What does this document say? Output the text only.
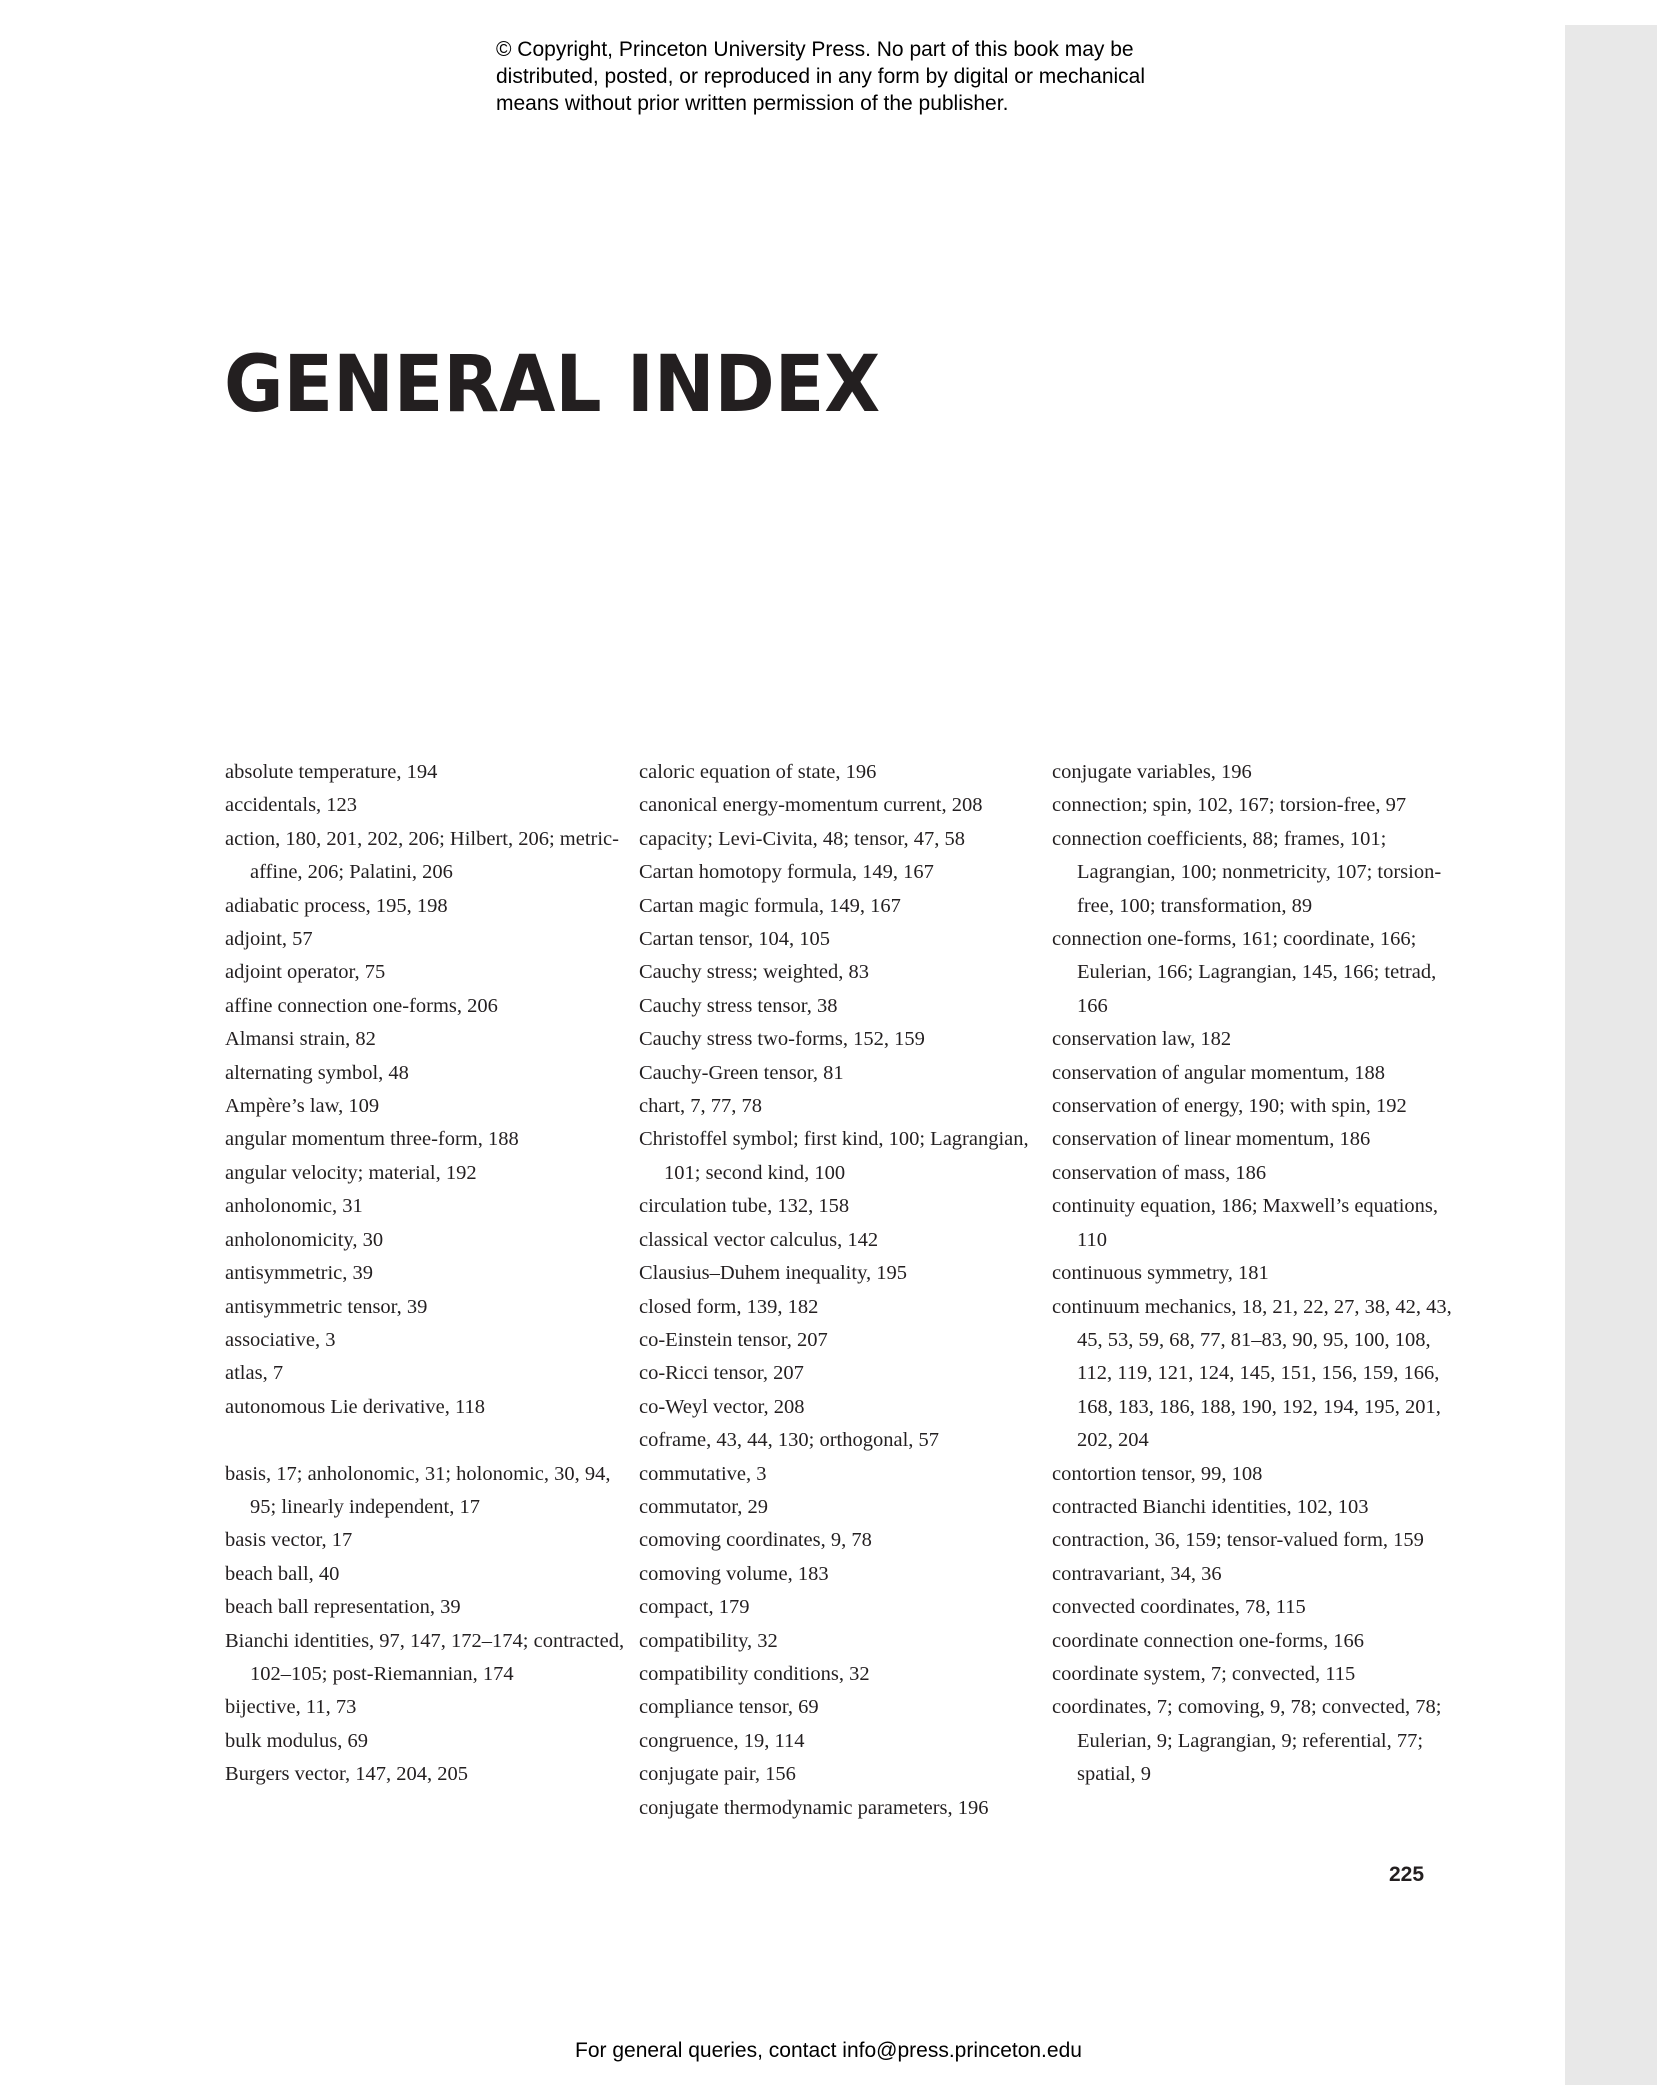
© Copyright, Princeton University Press. No part of this book may be
distributed, posted, or reproduced in any form by digital or mechanical
means without prior written permission of the publisher.
GENERAL INDEX
absolute temperature, 194
accidentals, 123
action, 180, 201, 202, 206; Hilbert, 206; metric-affine, 206; Palatini, 206
adiabatic process, 195, 198
adjoint, 57
adjoint operator, 75
affine connection one-forms, 206
Almansi strain, 82
alternating symbol, 48
Ampère’s law, 109
angular momentum three-form, 188
angular velocity; material, 192
anholonomic, 31
anholonomicity, 30
antisymmetric, 39
antisymmetric tensor, 39
associative, 3
atlas, 7
autonomous Lie derivative, 118
basis, 17; anholonomic, 31; holonomic, 30, 94, 95; linearly independent, 17
basis vector, 17
beach ball, 40
beach ball representation, 39
Bianchi identities, 97, 147, 172–174; contracted, 102–105; post-Riemannian, 174
bijective, 11, 73
bulk modulus, 69
Burgers vector, 147, 204, 205
caloric equation of state, 196
canonical energy-momentum current, 208
capacity; Levi-Civita, 48; tensor, 47, 58
Cartan homotopy formula, 149, 167
Cartan magic formula, 149, 167
Cartan tensor, 104, 105
Cauchy stress; weighted, 83
Cauchy stress tensor, 38
Cauchy stress two-forms, 152, 159
Cauchy-Green tensor, 81
chart, 7, 77, 78
Christoffel symbol; first kind, 100; Lagrangian, 101; second kind, 100
circulation tube, 132, 158
classical vector calculus, 142
Clausius–Duhem inequality, 195
closed form, 139, 182
co-Einstein tensor, 207
co-Ricci tensor, 207
co-Weyl vector, 208
coframe, 43, 44, 130; orthogonal, 57
commutative, 3
commutator, 29
comoving coordinates, 9, 78
comoving volume, 183
compact, 179
compatibility, 32
compatibility conditions, 32
compliance tensor, 69
congruence, 19, 114
conjugate pair, 156
conjugate thermodynamic parameters, 196
conjugate variables, 196
connection; spin, 102, 167; torsion-free, 97
connection coefficients, 88; frames, 101; Lagrangian, 100; nonmetricity, 107; torsion-free, 100; transformation, 89
connection one-forms, 161; coordinate, 166; Eulerian, 166; Lagrangian, 145, 166; tetrad, 166
conservation law, 182
conservation of angular momentum, 188
conservation of energy, 190; with spin, 192
conservation of linear momentum, 186
conservation of mass, 186
continuity equation, 186; Maxwell’s equations, 110
continuous symmetry, 181
continuum mechanics, 18, 21, 22, 27, 38, 42, 43, 45, 53, 59, 68, 77, 81–83, 90, 95, 100, 108, 112, 119, 121, 124, 145, 151, 156, 159, 166, 168, 183, 186, 188, 190, 192, 194, 195, 201, 202, 204
contortion tensor, 99, 108
contracted Bianchi identities, 102, 103
contraction, 36, 159; tensor-valued form, 159
contravariant, 34, 36
convected coordinates, 78, 115
coordinate connection one-forms, 166
coordinate system, 7; convected, 115
coordinates, 7; comoving, 9, 78; convected, 78; Eulerian, 9; Lagrangian, 9; referential, 77; spatial, 9
225
For general queries, contact info@press.princeton.edu
